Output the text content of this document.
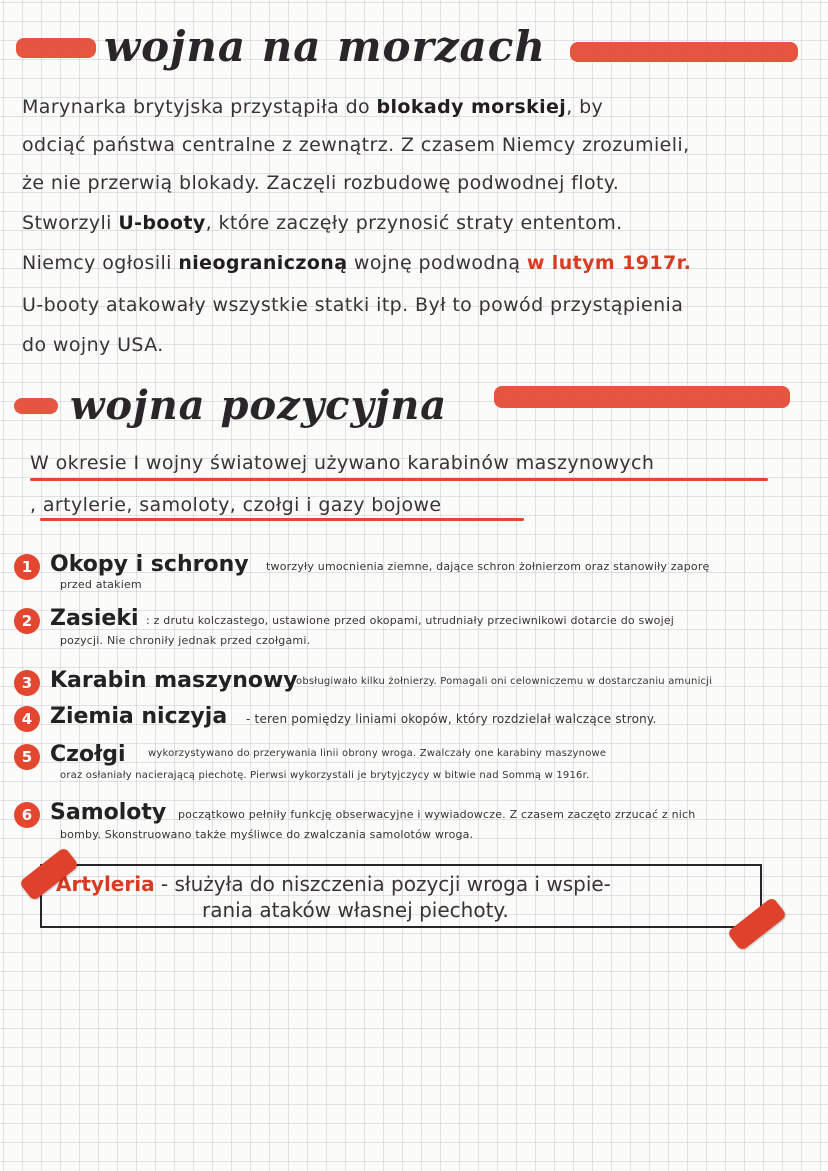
wojna na morzach
Marynarka brytyjska przystąpiła do blokady morskiej, by
odciąć państwa centralne z zewnątrz. Z czasem Niemcy zrozumieli,
że nie przerwią blokady. Zaczęli rozbudowę podwodnej floty.
Stworzyli U-booty, które zaczęły przynosić straty ententom.
Niemcy ogłosili nieograniczoną wojnę podwodną w lutym 1917r.
U-booty atakowały wszystkie statki itp. Był to powód przystąpienia
do wojny USA.
wojna pozycyjna
W okresie I wojny światowej używano karabinów maszynowych
, artylerie, samoloty, czołgi i gazy bojowe
1 Okopy i schrony tworzyły umocnienia ziemne, dające schron żołnierzom oraz stanowiły zaporę
przed atakiem
2 Zasieki : z drutu kolczastego, ustawione przed okopami, utrudniały przeciwnikowi dotarcie do swojej
pozycji. Nie chroniły jednak przed czołgami.
3 Karabin maszynowy
obsługiwało kilku żołnierzy. Pomagali oni celowniczemu w dostarczaniu amunicji
4 Ziemia niczyja - teren pomiędzy liniami okopów, który rozdzielał walczące strony.
5 Czołgi wykorzystywano do przerywania linii obrony wroga. Zwalczały one karabiny maszynowe
oraz osłaniały nacierającą piechotę. Pierwsi wykorzystali je brytyjczycy w bitwie nad Sommą w 1916r.
6 Samoloty początkowo pełniły funkcję obserwacyjne i wywiadowcze. Z czasem zaczęto zrzucać z nich
bomby. Skonstruowano także myśliwce do zwalczania samolotów wroga.
Artyleria - służyła do niszczenia pozycji wroga i wspie-
rania ataków własnej piechoty.
